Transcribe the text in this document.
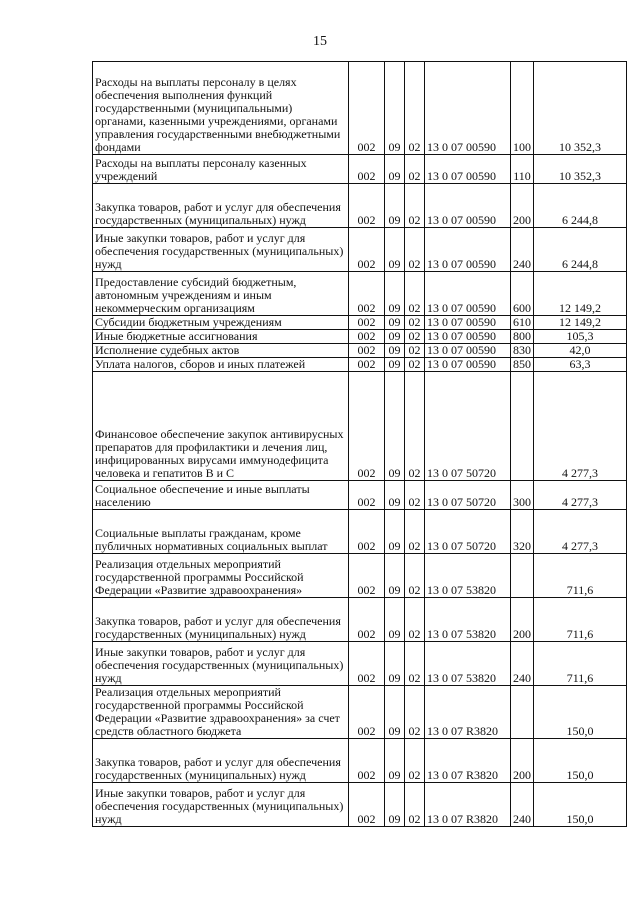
15
Расходы на выплаты персоналу в целях обеспечения выполнения функций государственными (муниципальными) органами, казенными учреждениями, органами управления государственными внебюджетными фондами	002	09	02	13 0 07 00590	100	10 352,3
Расходы на выплаты персоналу казенных учреждений	002	09	02	13 0 07 00590	110	10 352,3
Закупка товаров, работ и услуг для обеспечения государственных (муниципальных) нужд	002	09	02	13 0 07 00590	200	6 244,8
Иные закупки товаров, работ и услуг для обеспечения государственных (муниципальных) нужд	002	09	02	13 0 07 00590	240	6 244,8
Предоставление субсидий бюджетным, автономным учреждениям и иным некоммерческим организациям	002	09	02	13 0 07 00590	600	12 149,2
Субсидии бюджетным учреждениям	002	09	02	13 0 07 00590	610	12 149,2
Иные бюджетные ассигнования	002	09	02	13 0 07 00590	800	105,3
Исполнение судебных актов	002	09	02	13 0 07 00590	830	42,0
Уплата налогов, сборов и иных платежей	002	09	02	13 0 07 00590	850	63,3
Финансовое обеспечение закупок антивирусных препаратов для профилактики и лечения лиц, инфицированных вирусами иммунодефицита человека и гепатитов В и С	002	09	02	13 0 07 50720		4 277,3
Социальное обеспечение и иные выплаты населению	002	09	02	13 0 07 50720	300	4 277,3
Социальные выплаты гражданам, кроме публичных нормативных социальных выплат	002	09	02	13 0 07 50720	320	4 277,3
Реализация отдельных мероприятий государственной программы Российской Федерации «Развитие здравоохранения»	002	09	02	13 0 07 53820		711,6
Закупка товаров, работ и услуг для обеспечения государственных (муниципальных) нужд	002	09	02	13 0 07 53820	200	711,6
Иные закупки товаров, работ и услуг для обеспечения государственных (муниципальных) нужд	002	09	02	13 0 07 53820	240	711,6
Реализация отдельных мероприятий государственной программы Российской Федерации «Развитие здравоохранения» за счет средств областного бюджета	002	09	02	13 0 07 R3820		150,0
Закупка товаров, работ и услуг для обеспечения государственных (муниципальных) нужд	002	09	02	13 0 07 R3820	200	150,0
Иные закупки товаров, работ и услуг для обеспечения государственных (муниципальных) нужд	002	09	02	13 0 07 R3820	240	150,0
